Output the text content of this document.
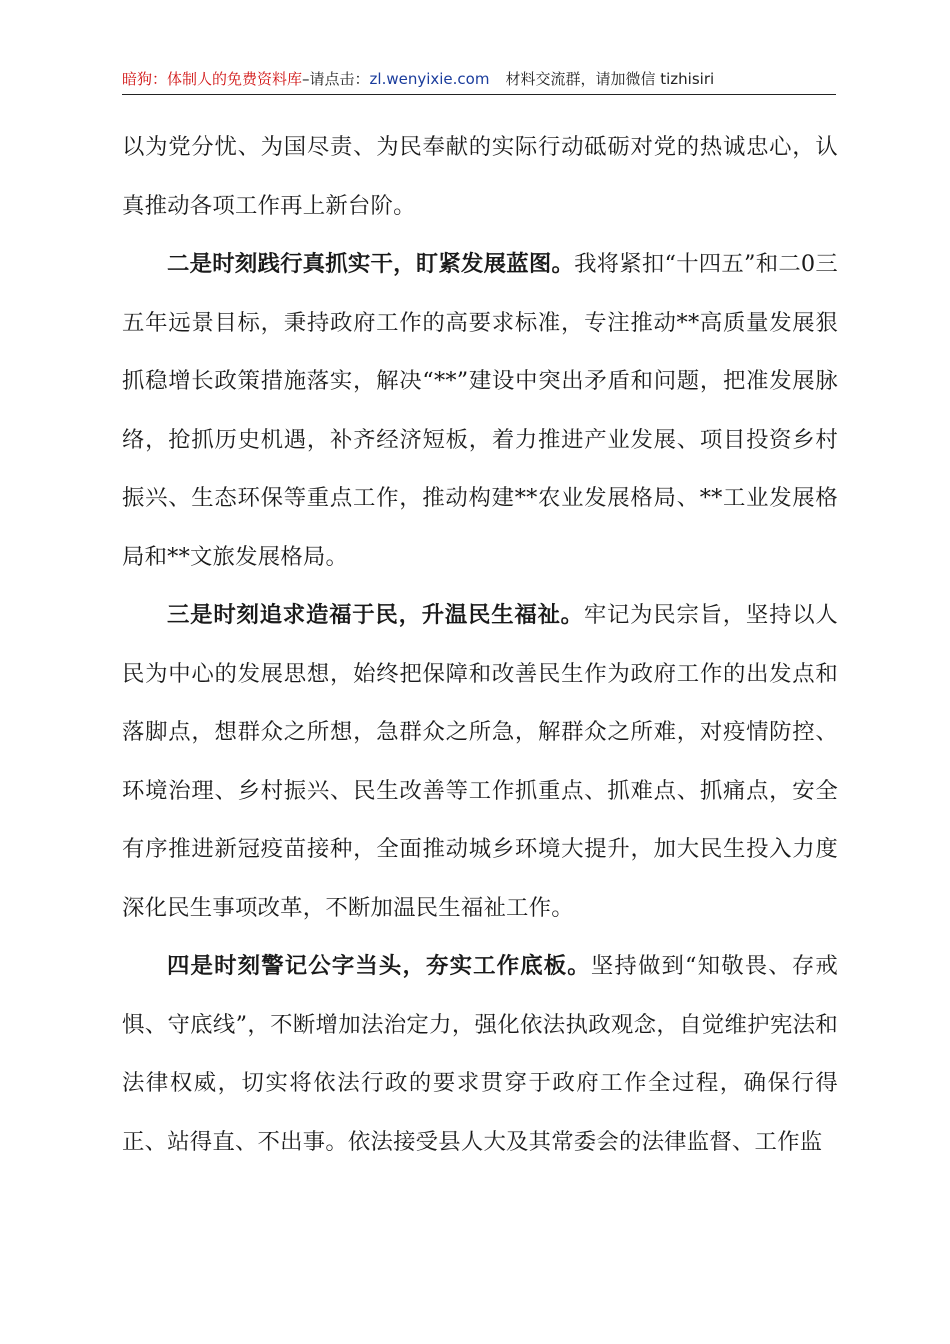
暗狗：体制人的免费资料库–请点击：zl.wenyixie.com 材料交流群，请加微信 tizhisiri

以为党分忧、为国尽责、为民奉献的实际行动砥砺对党的热诚忠心，认真推动各项工作再上新台阶。

二是时刻践行真抓实干，盯紧发展蓝图。我将紧扣“十四五”和二0三五年远景目标，秉持政府工作的高要求标准，专注推动**高质量发展狠抓稳增长政策措施落实，解决“**”建设中突出矛盾和问题，把准发展脉络，抢抓历史机遇，补齐经济短板，着力推进产业发展、项目投资乡村振兴、生态环保等重点工作，推动构建**农业发展格局、**工业发展格局和**文旅发展格局。

三是时刻追求造福于民，升温民生福祉。牢记为民宗旨，坚持以人民为中心的发展思想，始终把保障和改善民生作为政府工作的出发点和落脚点，想群众之所想，急群众之所急，解群众之所难，对疫情防控、环境治理、乡村振兴、民生改善等工作抓重点、抓难点、抓痛点，安全有序推进新冠疫苗接种，全面推动城乡环境大提升，加大民生投入力度深化民生事项改革，不断加温民生福祉工作。

四是时刻警记公字当头，夯实工作底板。坚持做到“知敬畏、存戒惧、守底线”，不断增加法治定力，强化依法执政观念，自觉维护宪法和法律权威，切实将依法行政的要求贯穿于政府工作全过程，确保行得正、站得直、不出事。依法接受县人大及其常委会的法律监督、工作监
